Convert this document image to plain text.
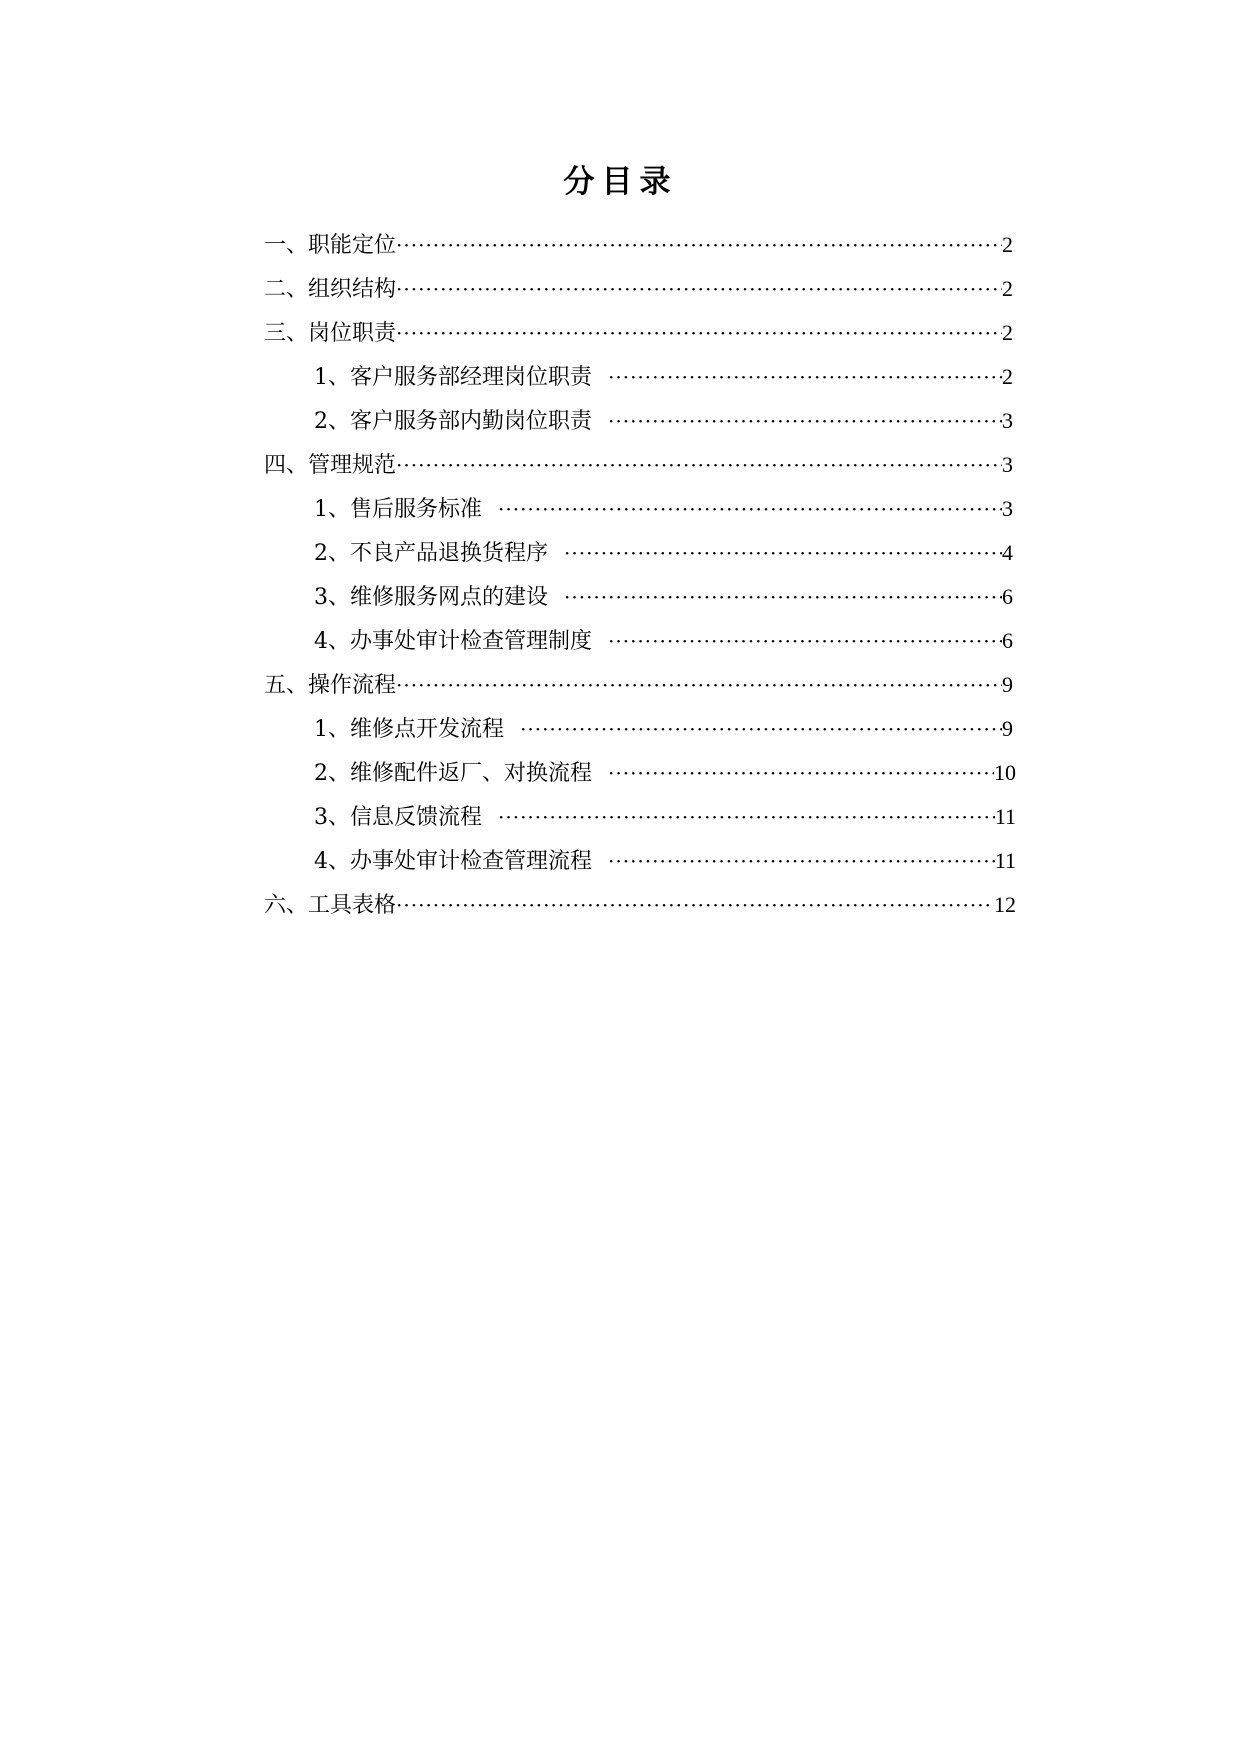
分目录
一、职能定位 ·····	2
二、组织结构 ·····	2
三、岗位职责 ·····	2
1、客户服务部经理岗位职责 ·····	2
2、客户服务部内勤岗位职责 ·····	3
四、管理规范 ·····	3
1、售后服务标准 ·····	3
2、不良产品退换货程序 ·····	4
3、维修服务网点的建设 ·····	6
4、办事处审计检查管理制度 ·····	6
五、操作流程 ·····	9
1、维修点开发流程 ·····	9
2、维修配件返厂、对换流程 ·····	10
3、信息反馈流程 ·····	11
4、办事处审计检查管理流程 ·····	11
六、工具表格 ·····	12
